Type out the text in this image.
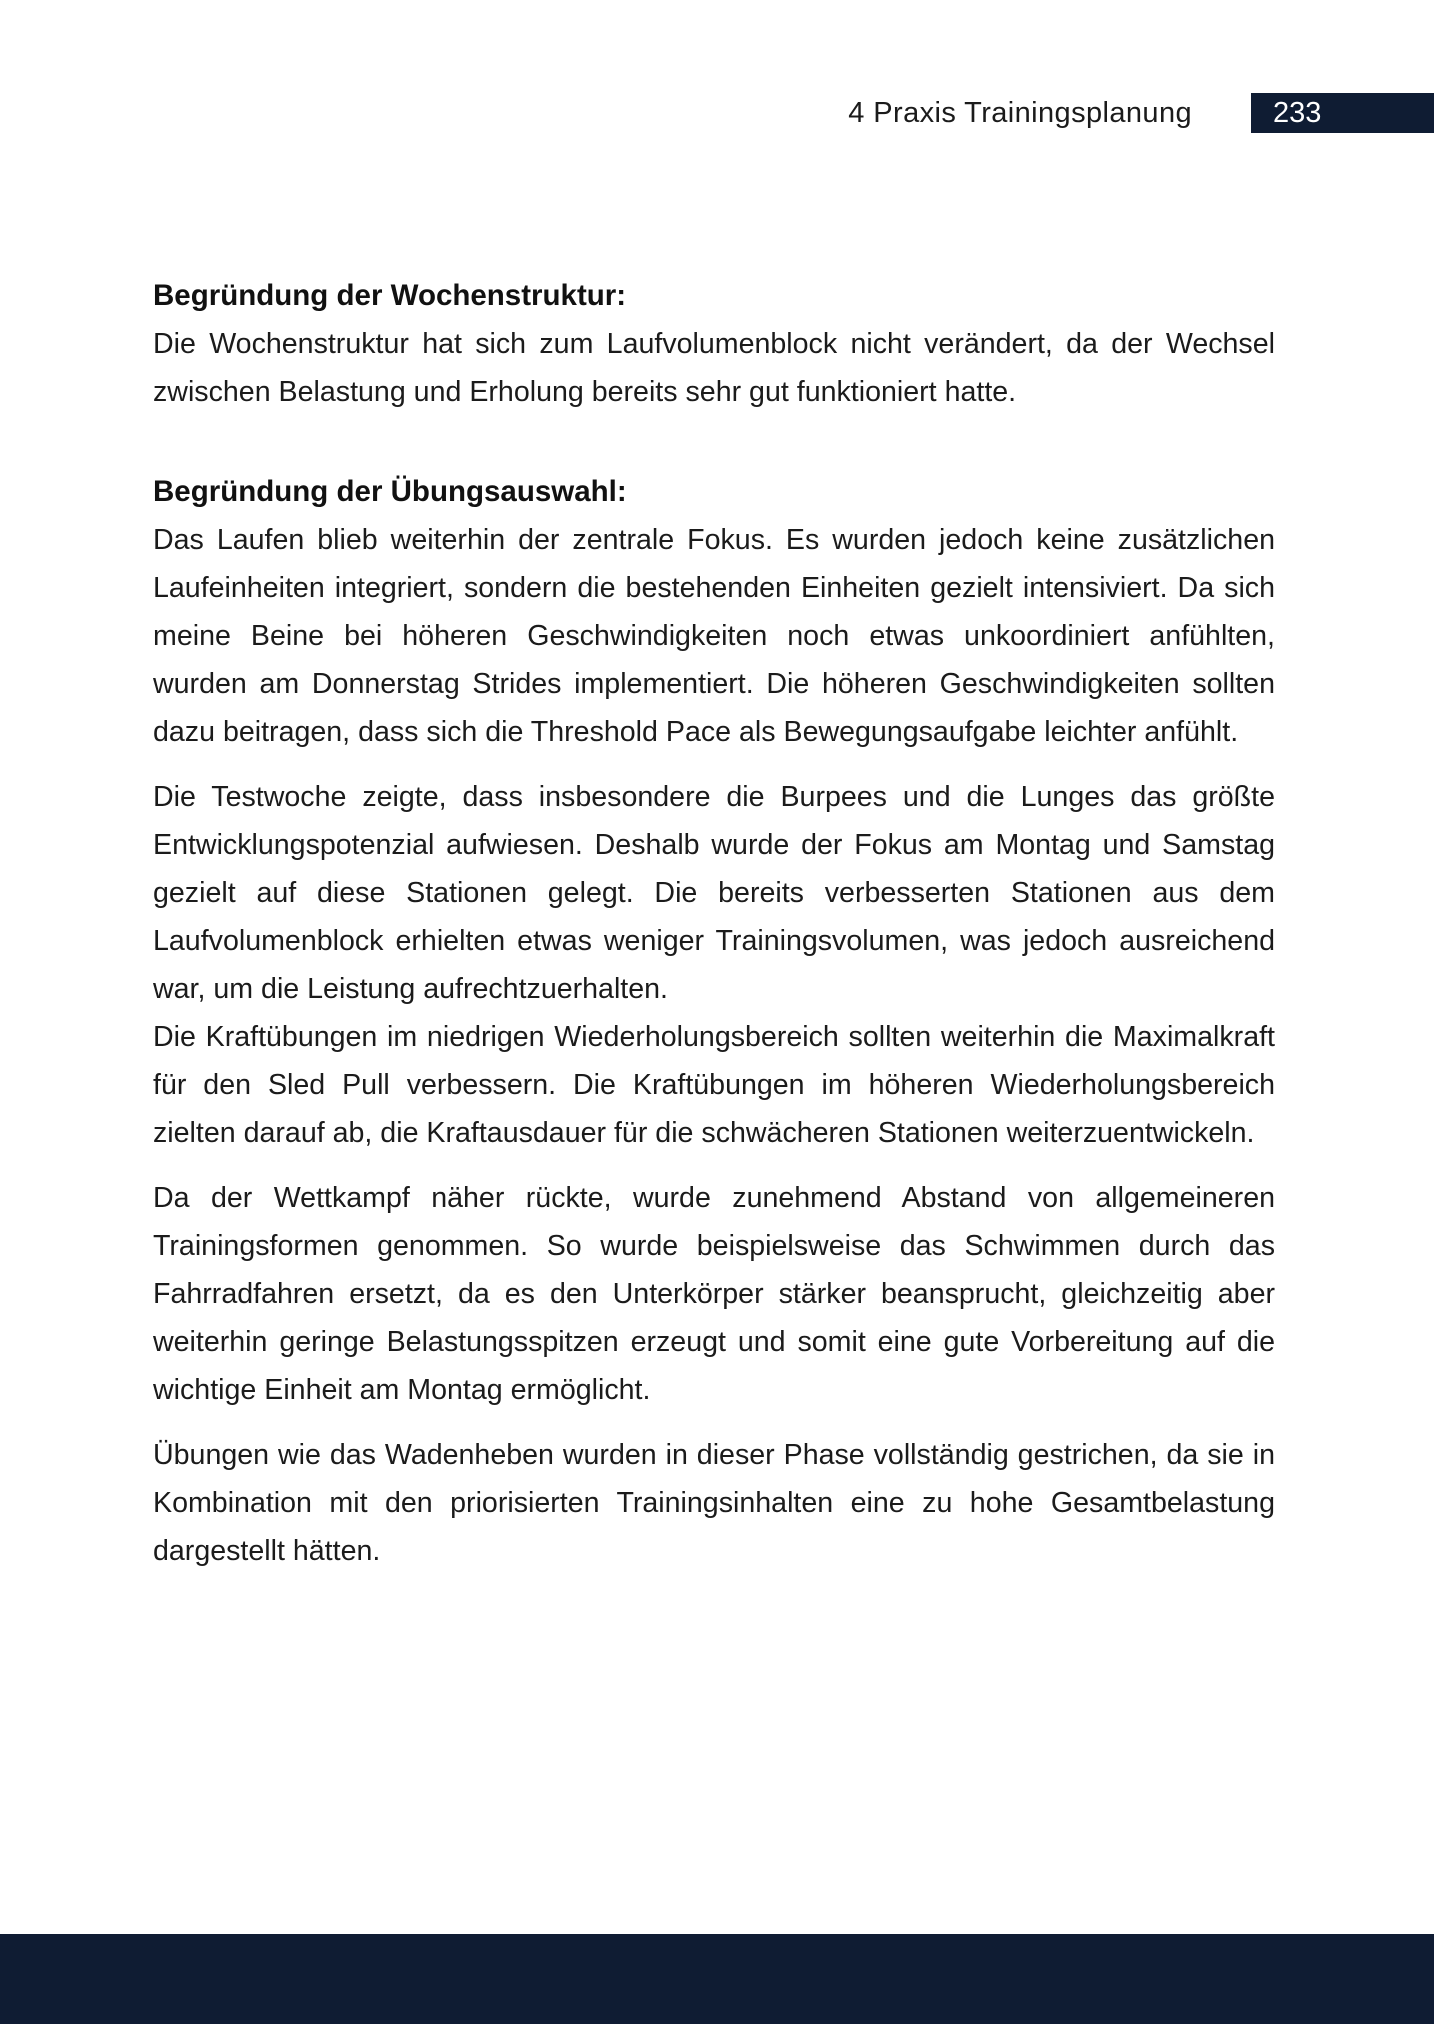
4 Praxis Trainingsplanung	233
Begründung der Wochenstruktur:

Die Wochenstruktur hat sich zum Laufvolumenblock nicht verändert, da der Wechsel zwischen Belastung und Erholung bereits sehr gut funktioniert hatte.

Begründung der Übungsauswahl:

Das Laufen blieb weiterhin der zentrale Fokus. Es wurden jedoch keine zusätzlichen Laufeinheiten integriert, sondern die bestehenden Einheiten gezielt intensiviert. Da sich meine Beine bei höheren Geschwindigkeiten noch etwas unkoordiniert anfühlten, wurden am Donnerstag Strides implementiert. Die höheren Geschwindigkeiten sollten dazu beitragen, dass sich die Threshold Pace als Bewegungsaufgabe leichter anfühlt.

Die Testwoche zeigte, dass insbesondere die Burpees und die Lunges das größte Entwicklungspotenzial aufwiesen. Deshalb wurde der Fokus am Montag und Samstag gezielt auf diese Stationen gelegt. Die bereits verbesserten Stationen aus dem Laufvolumenblock erhielten etwas weniger Trainingsvolumen, was jedoch ausreichend war, um die Leistung aufrechtzuerhalten.

Die Kraftübungen im niedrigen Wiederholungsbereich sollten weiterhin die Maximalkraft für den Sled Pull verbessern. Die Kraftübungen im höheren Wiederholungsbereich zielten darauf ab, die Kraftausdauer für die schwächeren Stationen weiterzuentwickeln.

Da der Wettkampf näher rückte, wurde zunehmend Abstand von allgemeineren Trainingsformen genommen. So wurde beispielsweise das Schwimmen durch das Fahrradfahren ersetzt, da es den Unterkörper stärker beansprucht, gleichzeitig aber weiterhin geringe Belastungsspitzen erzeugt und somit eine gute Vorbereitung auf die wichtige Einheit am Montag ermöglicht.

Übungen wie das Wadenheben wurden in dieser Phase vollständig gestrichen, da sie in Kombination mit den priorisierten Trainingsinhalten eine zu hohe Gesamtbelastung dargestellt hätten.
